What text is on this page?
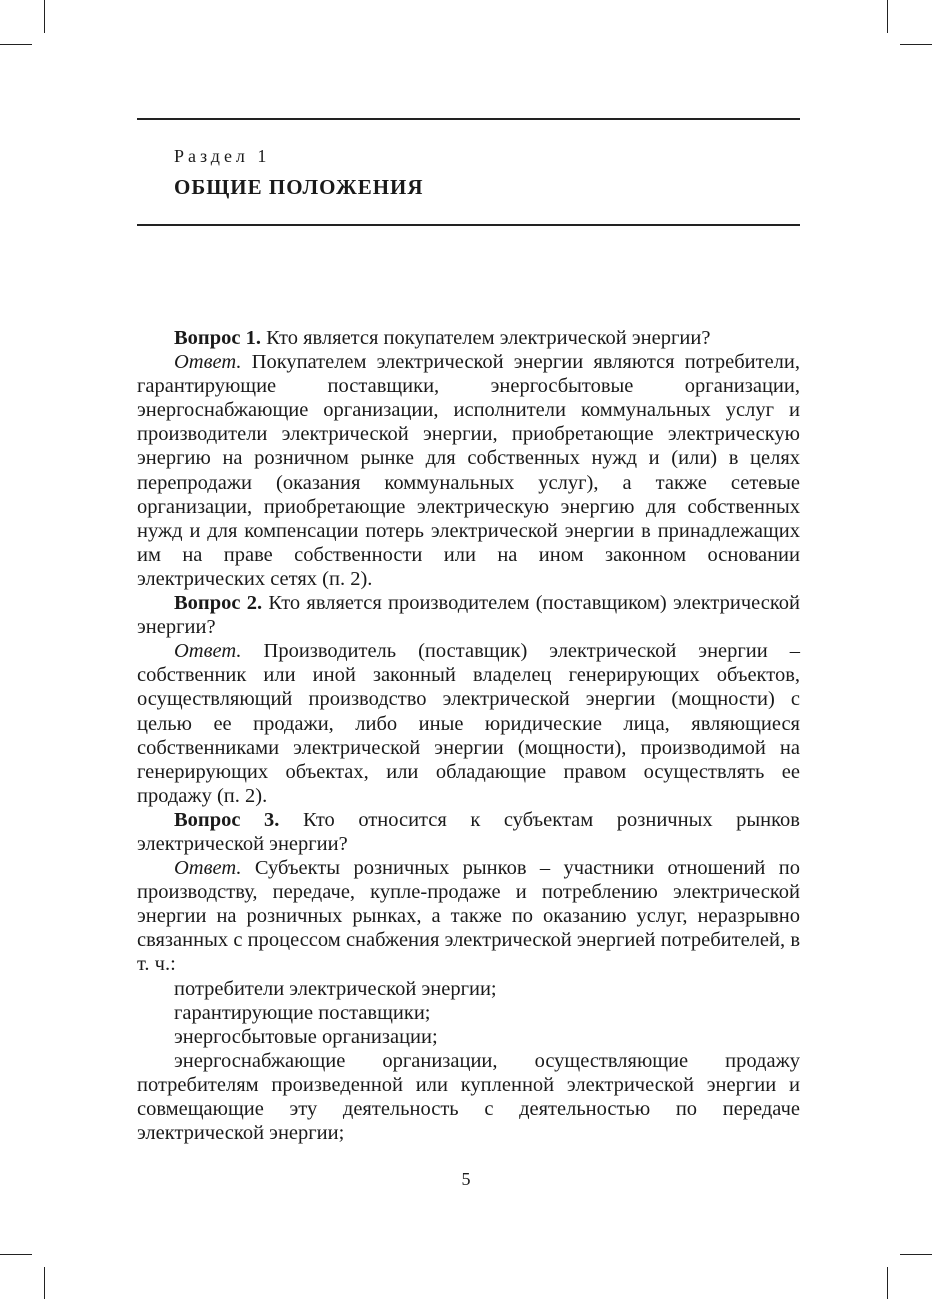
Раздел 1
ОБЩИЕ ПОЛОЖЕНИЯ

Вопрос 1. Кто является покупателем электрической энергии?

Ответ. Покупателем электрической энергии являются потребители, гарантирующие поставщики, энергосбытовые организации, энергоснабжающие организации, исполнители коммунальных услуг и производители электрической энергии, приобретающие электрическую энергию на розничном рынке для собственных нужд и (или) в целях перепродажи (оказания коммунальных услуг), а также сетевые организации, приобретающие электрическую энергию для собственных нужд и для компенсации потерь электрической энергии в принадлежащих им на праве собственности или на ином законном основании электрических сетях (п. 2).

Вопрос 2. Кто является производителем (поставщиком) электрической энергии?

Ответ. Производитель (поставщик) электрической энергии – собственник или иной законный владелец генерирующих объектов, осуществляющий производство электрической энергии (мощности) с целью ее продажи, либо иные юридические лица, являющиеся собственниками электрической энергии (мощности), производимой на генерирующих объектах, или обладающие правом осуществлять ее продажу (п. 2).

Вопрос 3. Кто относится к субъектам розничных рынков электрической энергии?

Ответ. Субъекты розничных рынков – участники отношений по производству, передаче, купле-продаже и потреблению электрической энергии на розничных рынках, а также по оказанию услуг, неразрывно связанных с процессом снабжения электрической энергией потребителей, в т. ч.:

потребители электрической энергии;

гарантирующие поставщики;

энергосбытовые организации;

энергоснабжающие организации, осуществляющие продажу потребителям произведенной или купленной электрической энергии и совмещающие эту деятельность с деятельностью по передаче электрической энергии;

5
